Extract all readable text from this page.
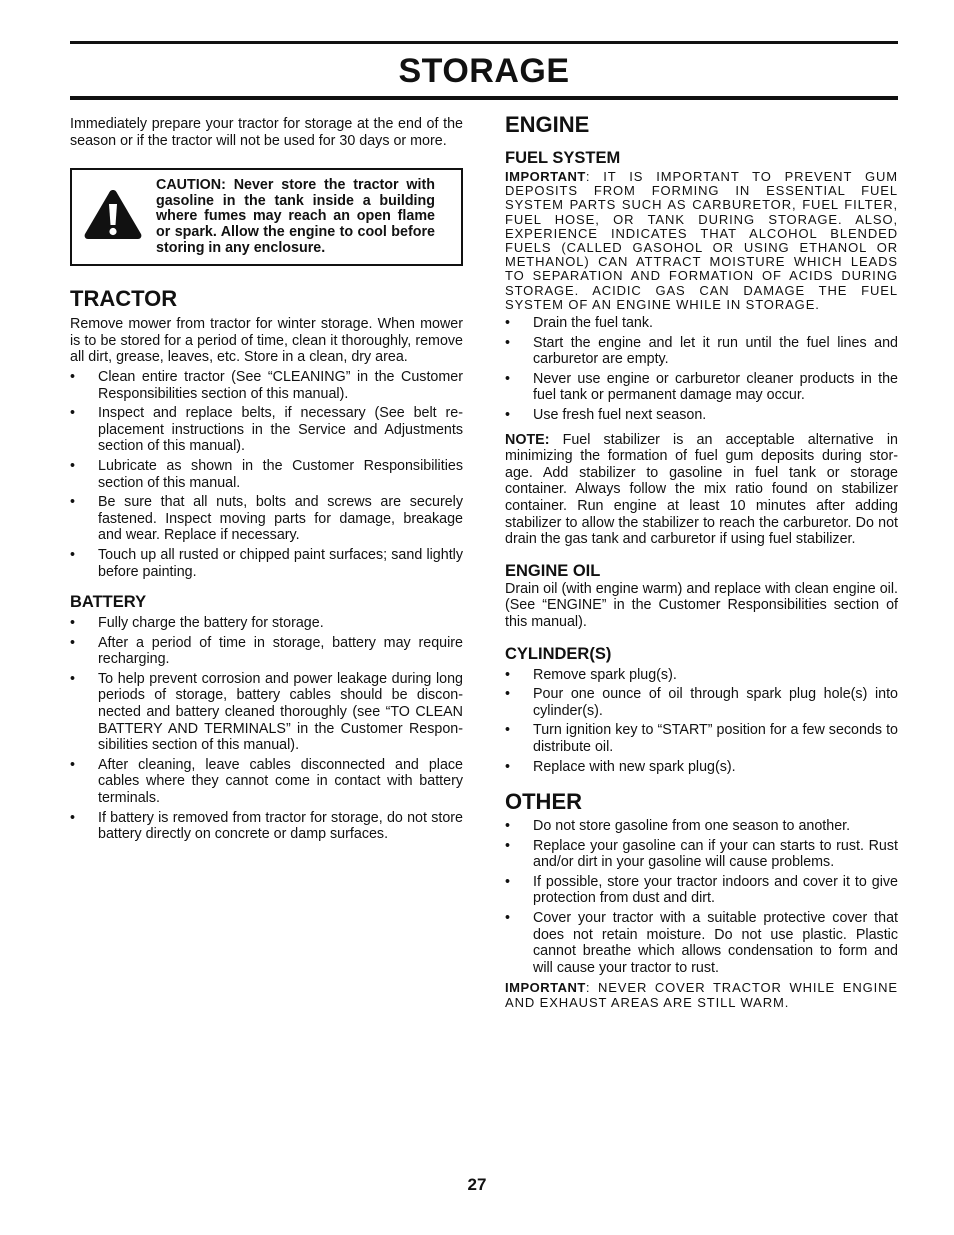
STORAGE

Immediately prepare your tractor for storage at the end of the season or if the tractor will not be used for 30 days or more.

CAUTION: Never store the tractor with gasoline in the tank inside a building where fumes may reach an open flame or spark. Allow the engine to cool before storing in any enclosure.
TRACTOR

Remove mower from tractor for winter storage. When mower is to be stored for a period of time, clean it thoroughly, remove all dirt, grease, leaves, etc. Store in a clean, dry area.

• Clean entire tractor (See “CLEANING” in the Customer Responsibilities section of this manual).
• Inspect and replace belts, if necessary (See belt re- placement instructions in the Service and Adjustments section of this manual).
• Lubricate as shown in the Customer Responsibilities section of this manual.
• Be sure that all nuts, bolts and screws are securely fastened. Inspect moving parts for damage, breakage and wear. Replace if necessary.
• Touch up all rusted or chipped paint surfaces; sand lightly before painting.
BATTERY
• Fully charge the battery for storage.
• After a period of time in storage, battery may require recharging.
• To help prevent corrosion and power leakage during long periods of storage, battery cables should be discon- nected and battery cleaned thoroughly (see “TO CLEAN BATTERY AND TERMINALS” in the Customer Respon- sibilities section of this manual).
• After cleaning, leave cables disconnected and place cables where they cannot come in contact with battery terminals.
• If battery is removed from tractor for storage, do not store battery directly on concrete or damp surfaces.
ENGINE
FUEL SYSTEM

IMPORTANT: IT IS IMPORTANT TO PREVENT GUM DEPOSITS FROM FORMING IN ESSENTIAL FUEL SYSTEM PARTS SUCH AS CARBURETOR, FUEL FILTER, FUEL HOSE, OR TANK DURING STORAGE. ALSO, EXPERIENCE INDICATES THAT ALCOHOL BLENDED FUELS (CALLED GASOHOL OR USING ETHANOL OR METHANOL) CAN ATTRACT MOISTURE WHICH LEADS TO SEPARATION AND FORMATION OF ACIDS DURING STORAGE. ACIDIC GAS CAN DAMAGE THE FUEL SYSTEM OF AN ENGINE WHILE IN STORAGE.

• Drain the fuel tank.
• Start the engine and let it run until the fuel lines and carburetor are empty.
• Never use engine or carburetor cleaner products in the fuel tank or permanent damage may occur.
• Use fresh fuel next season.

NOTE: Fuel stabilizer is an acceptable alternative in minimizing the formation of fuel gum deposits during stor- age. Add stabilizer to gasoline in fuel tank or storage container. Always follow the mix ratio found on stabilizer container. Run engine at least 10 minutes after adding stabilizer to allow the stabilizer to reach the carburetor. Do not drain the gas tank and carburetor if using fuel stabilizer.

ENGINE OIL

Drain oil (with engine warm) and replace with clean engine oil. (See “ENGINE” in the Customer Responsibilities section of this manual).

CYLINDER(S)
• Remove spark plug(s).
• Pour one ounce of oil through spark plug hole(s) into cylinder(s).
• Turn ignition key to “START” position for a few seconds to distribute oil.
• Replace with new spark plug(s).
OTHER
• Do not store gasoline from one season to another.
• Replace your gasoline can if your can starts to rust. Rust and/or dirt in your gasoline will cause problems.
• If possible, store your tractor indoors and cover it to give protection from dust and dirt.
• Cover your tractor with a suitable protective cover that does not retain moisture. Do not use plastic. Plastic cannot breathe which allows condensation to form and will cause your tractor to rust.

IMPORTANT: NEVER COVER TRACTOR WHILE ENGINE AND EXHAUST AREAS ARE STILL WARM.

27
